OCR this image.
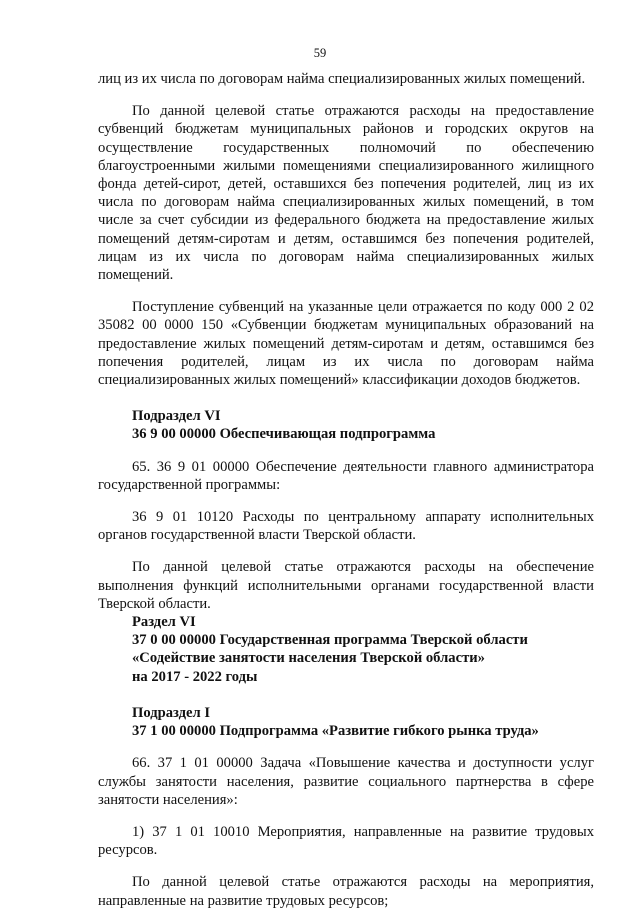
59

лиц из их числа по договорам найма специализированных жилых помещений.

По данной целевой статье отражаются расходы на предоставление субвенций бюджетам муниципальных районов и городских округов на осуществление государственных полномочий по обеспечению благоустроенными жилыми помещениями специализированного жилищного фонда детей-сирот, детей, оставшихся без попечения родителей, лиц из их числа по договорам найма специализированных жилых помещений, в том числе за счет субсидии из федерального бюджета на предоставление жилых помещений детям-сиротам и детям, оставшимся без попечения родителей, лицам из их числа по договорам найма специализированных жилых помещений.

Поступление субвенций на указанные цели отражается по коду 000 2 02 35082 00 0000 150 «Субвенции бюджетам муниципальных образований на предоставление жилых помещений детям-сиротам и детям, оставшимся без попечения родителей, лицам из их числа по договорам найма специализированных жилых помещений» классификации доходов бюджетов.

Подраздел VI

36 9 00 00000 Обеспечивающая подпрограмма

65. 36 9 01 00000 Обеспечение деятельности главного администратора государственной программы:

36 9 01 10120 Расходы по центральному аппарату исполнительных органов государственной власти Тверской области.

По данной целевой статье отражаются расходы на обеспечение выполнения функций исполнительными органами государственной власти Тверской области.

Раздел VI

37 0 00 00000 Государственная программа Тверской области

«Содействие занятости населения Тверской области»

на 2017 - 2022 годы

Подраздел I

37 1 00 00000 Подпрограмма «Развитие гибкого рынка труда»

66. 37 1 01 00000 Задача «Повышение качества и доступности услуг службы занятости населения, развитие социального партнерства в сфере занятости населения»:

1) 37 1 01 10010 Мероприятия, направленные на развитие трудовых ресурсов.

По данной целевой статье отражаются расходы на мероприятия, направленные на развитие трудовых ресурсов;
